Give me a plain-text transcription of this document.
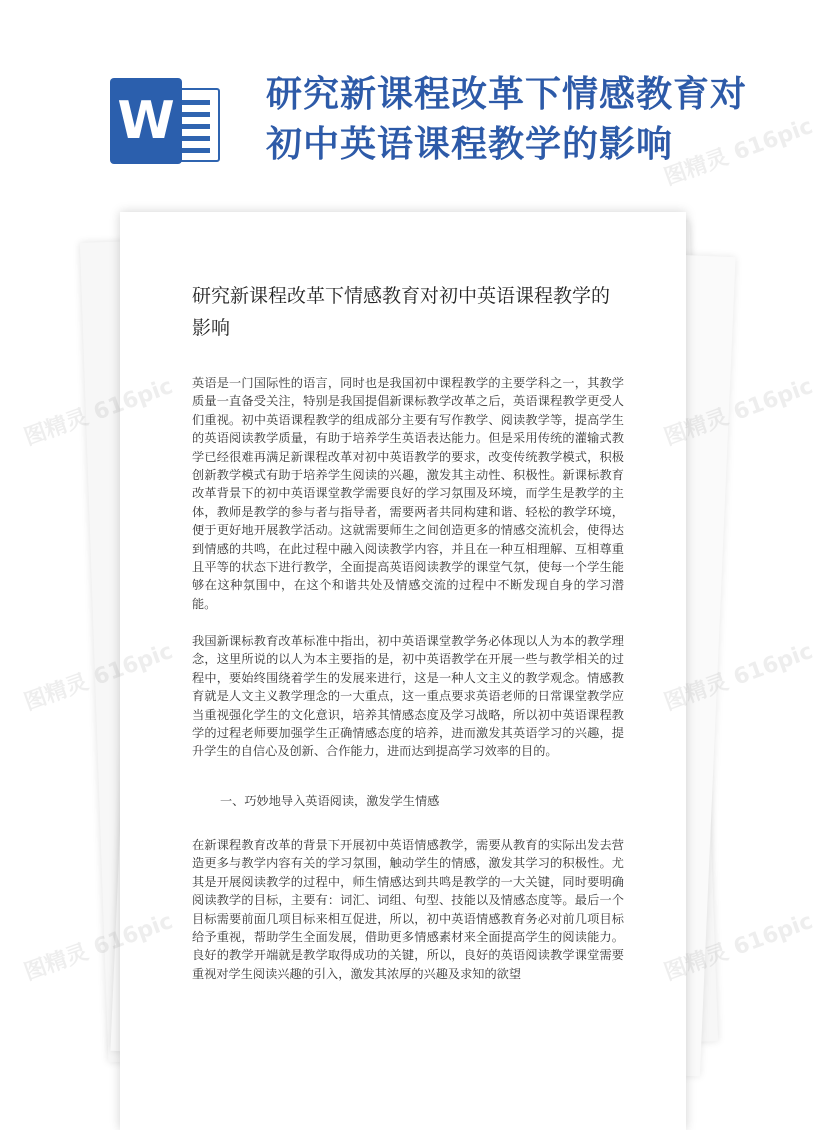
W	研究新课程改革下情感教育对
初中英语课程教学的影响
研究新课程改革下情感教育对初中英语课程教学的
影响

英语是一门国际性的语言，同时也是我国初中课程教学的主要学科之一，其教学质量一直备受关注，特别是我国提倡新课标教学改革之后，英语课程教学更受人们重视。初中英语课程教学的组成部分主要有写作教学、阅读教学等，提高学生的英语阅读教学质量，有助于培养学生英语表达能力。但是采用传统的灌输式教学已经很难再满足新课程改革对初中英语教学的要求，改变传统教学模式，积极创新教学模式有助于培养学生阅读的兴趣，激发其主动性、积极性。新课标教育改革背景下的初中英语课堂教学需要良好的学习氛围及环境，而学生是教学的主体，教师是教学的参与者与指导者，需要两者共同构建和谐、轻松的教学环境，便于更好地开展教学活动。这就需要师生之间创造更多的情感交流机会，使得达到情感的共鸣，在此过程中融入阅读教学内容，并且在一种互相理解、互相尊重且平等的状态下进行教学，全面提高英语阅读教学的课堂气氛，使每一个学生能够在这种氛围中，在这个和谐共处及情感交流的过程中不断发现自身的学习潜能。

我国新课标教育改革标准中指出，初中英语课堂教学务必体现以人为本的教学理念，这里所说的以人为本主要指的是，初中英语教学在开展一些与教学相关的过程中，要始终围绕着学生的发展来进行，这是一种人文主义的教学观念。情感教育就是人文主义教学理念的一大重点，这一重点要求英语老师的日常课堂教学应当重视强化学生的文化意识，培养其情感态度及学习战略，所以初中英语课程教学的过程老师要加强学生正确情感态度的培养，进而激发其英语学习的兴趣，提升学生的自信心及创新、合作能力，进而达到提高学习效率的目的。

一、巧妙地导入英语阅读，激发学生情感

在新课程教育改革的背景下开展初中英语情感教学，需要从教育的实际出发去营造更多与教学内容有关的学习氛围，触动学生的情感，激发其学习的积极性。尤其是开展阅读教学的过程中，师生情感达到共鸣是教学的一大关键，同时要明确阅读教学的目标，主要有：词汇、词组、句型、技能以及情感态度等。最后一个目标需要前面几项目标来相互促进，所以，初中英语情感教育务必对前几项目标给予重视，帮助学生全面发展，借助更多情感素材来全面提高学生的阅读能力。良好的教学开端就是教学取得成功的关键，所以，良好的英语阅读教学课堂需要重视对学生阅读兴趣的引入，激发其浓厚的兴趣及求知的欲望

图精灵 616pic
图精灵 616pic
图精灵 616pic
图精灵 616pic
图精灵
图精灵
图精灵 616pic
